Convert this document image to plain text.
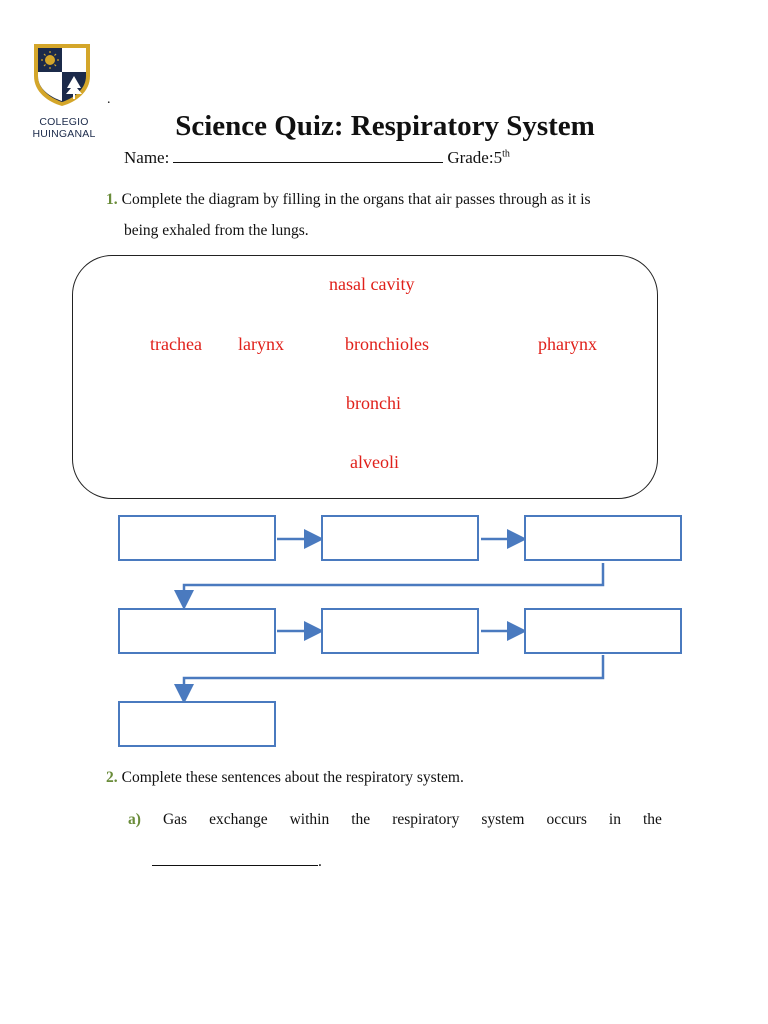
COLEGIO
HUINGANAL
.
Science Quiz: Respiratory System
Name:	Grade:5th
1. Complete the diagram by filling in the organs that air passes through as it is
being exhaled from the lungs.
nasal cavity
trachea larynx	bronchioles	pharynx
bronchi
alveoli
2. Complete these sentences about the respiratory system.
a) Gas exchange within the respiratory system occurs in the
.
